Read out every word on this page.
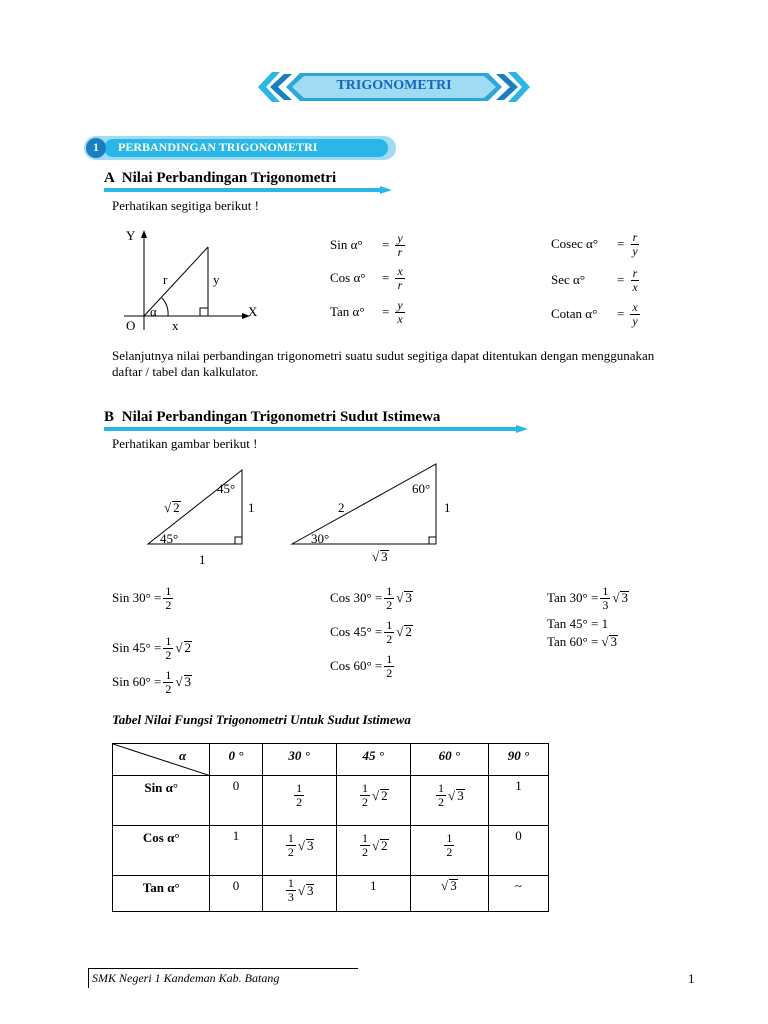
TRIGONOMETRI
1	PERBANDINGAN TRIGONOMETRI
A Nilai Perbandingan Trigonometri
Perhatikan segitiga berikut !
Y
X
O
r	y
x
α
Sin α°	= $\frac{y}{r}$
Cos α°	= $\frac{x}{r}$
Tan α°	= $\frac{y}{x}$
Cosec α°	= $\frac{r}{y}$
Sec α°	= $\frac{r}{x}$
Cotan α°	= $\frac{x}{y}$
Selanjutnya nilai perbandingan trigonometri suatu sudut segitiga dapat ditentukan dengan menggunakan daftar / tabel dan kalkulator.
B Nilai Perbandingan Trigonometri Sudut Istimewa
Perhatikan gambar berikut !
45°
45°
√ 2	1
1
60°
30°
2	1
√ 3
Sin $30^\circ = \frac{1}{2}$
Sin $45^\circ = \frac{1}{2}$ √ 2
Sin $60^\circ = \frac{1}{2}$ √ 3
Cos $30^\circ = \frac{1}{2}$ √ 3
Cos $45^\circ = \frac{1}{2}$ √ 2
Cos $60^\circ = \frac{1}{2}$
Tan $30^\circ = \frac{1}{3}$ √ 3
Tan 45° = 1
Tan 60° = √ 3
Tabel Nilai Fungsi Trigonometri Untuk Sudut Istimewa
α	0 °	30 °	45 °	60 °	90 °
Sin α°	0	$\frac{1}{2}$	$\frac{1}{2}$ √ 2	$\frac{1}{2}$ √ 3	1
Cos α°	1	$\frac{1}{2}$ √ 3	$\frac{1}{2}$ √ 2	$\frac{1}{2}$	0
Tan α°	0	$\frac{1}{3}$ √ 3	1	√ 3	~
SMK Negeri 1 Kandeman Kab. Batang	1
